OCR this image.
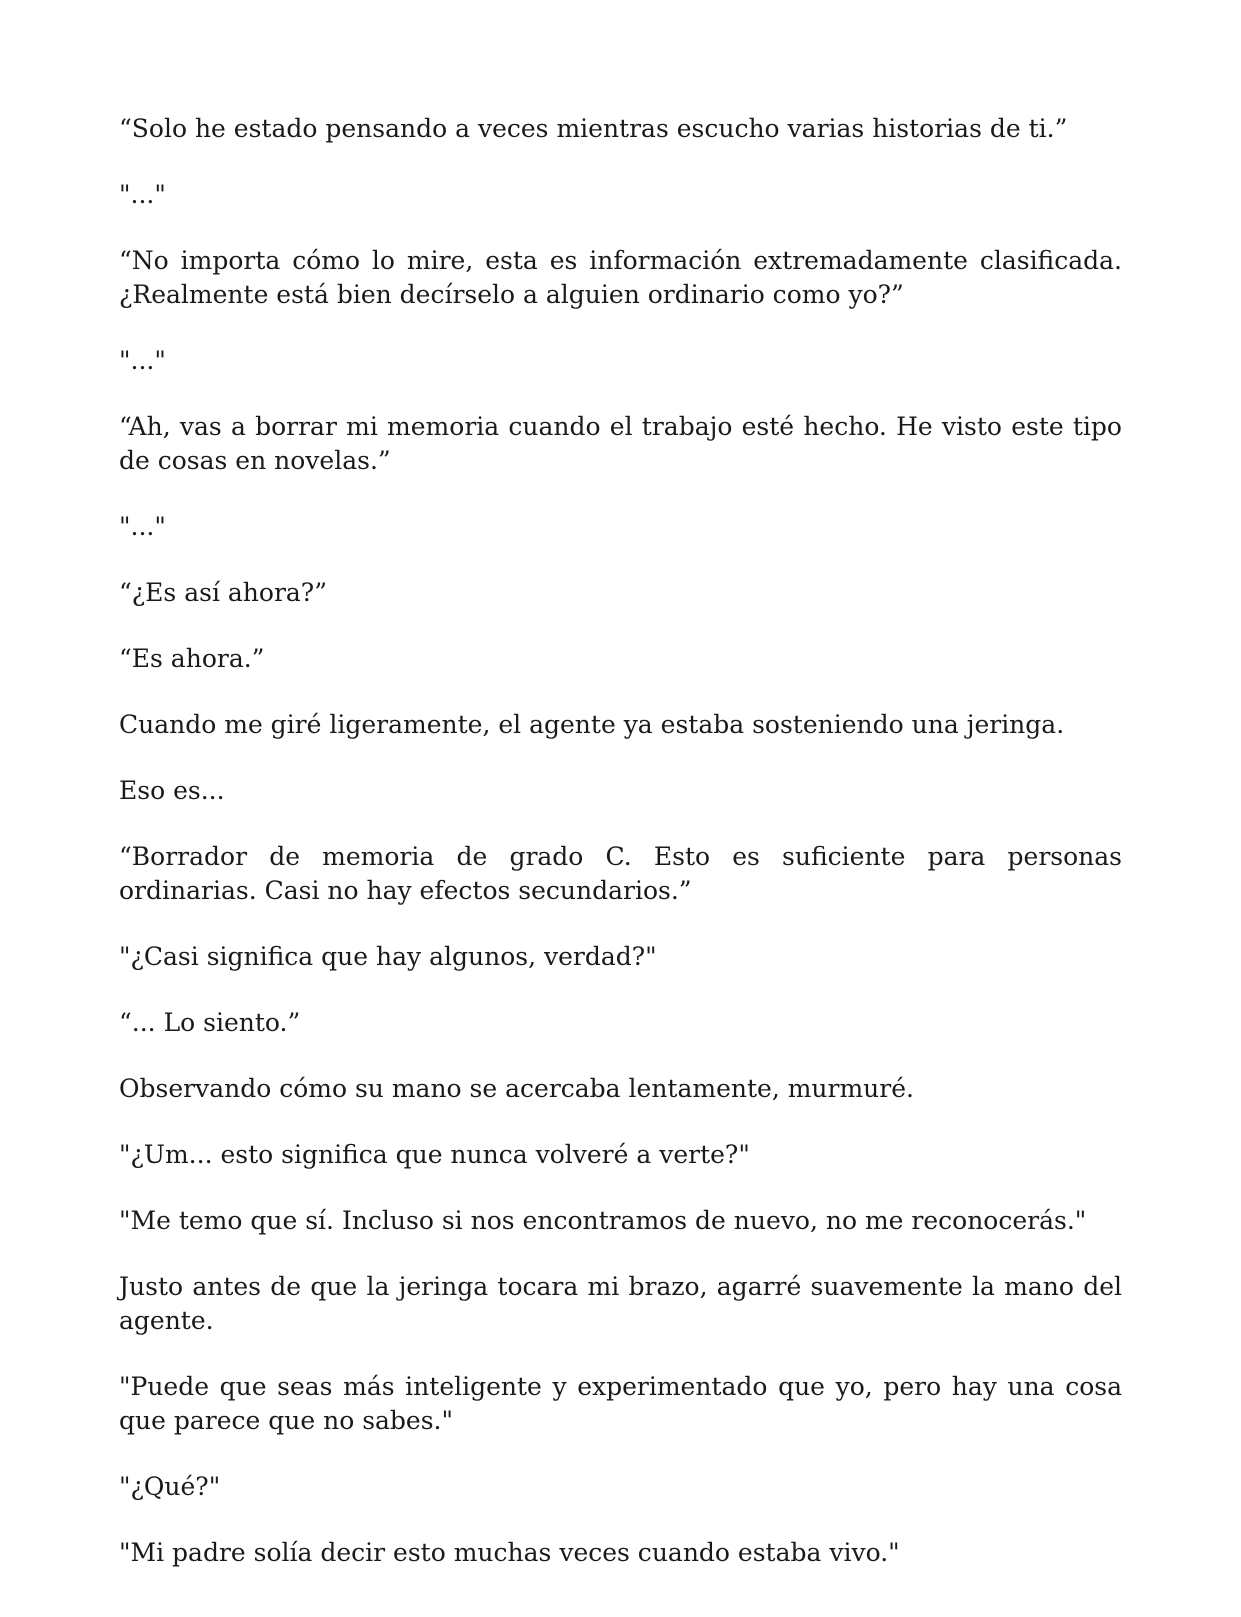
“Solo he estado pensando a veces mientras escucho varias historias de ti.”

"..."

“No importa cómo lo mire, esta es información extremadamente clasificada. ¿Realmente está bien decírselo a alguien ordinario como yo?”

"..."

“Ah, vas a borrar mi memoria cuando el trabajo esté hecho. He visto este tipo de cosas en novelas.”

"..."

“¿Es así ahora?”

“Es ahora.”

Cuando me giré ligeramente, el agente ya estaba sosteniendo una jeringa.

Eso es...

“Borrador de memoria de grado C. Esto es suficiente para personas ordinarias. Casi no hay efectos secundarios.”

"¿Casi significa que hay algunos, verdad?"

“... Lo siento.”

Observando cómo su mano se acercaba lentamente, murmuré.

"¿Um... esto significa que nunca volveré a verte?"

"Me temo que sí. Incluso si nos encontramos de nuevo, no me reconocerás."

Justo antes de que la jeringa tocara mi brazo, agarré suavemente la mano del agente.

"Puede que seas más inteligente y experimentado que yo, pero hay una cosa que parece que no sabes."

"¿Qué?"

"Mi padre solía decir esto muchas veces cuando estaba vivo."
